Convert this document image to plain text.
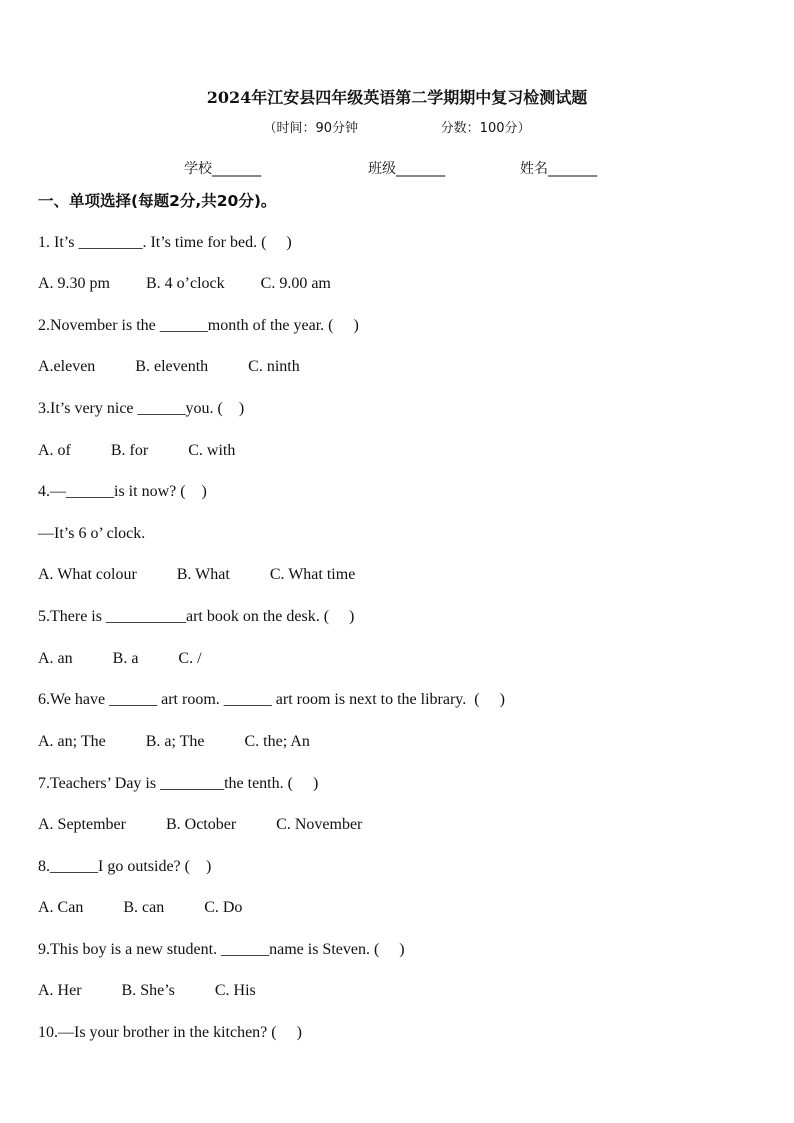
2024年江安县四年级英语第二学期期中复习检测试题
（时间：90分钟                    分数：100分）
学校_______	班级_______	姓名_______
一、单项选择(每题2分,共20分)。
1. It’s ________. It’s time for bed. (     )
A. 9.30 pm         B. 4 o’clock         C. 9.00 am
2.November is the ______month of the year. (     )
A.eleven          B. eleventh          C. ninth
3.It’s very nice ______you. (    )
A. of          B. for          C. with
4.—______is it now? (    )
—It’s 6 o’ clock.
A. What colour          B. What          C. What time
5.There is __________art book on the desk. (     )
A. an          B. a          C. /
6.We have ______ art room. ______ art room is next to the library.  (     )
A. an; The          B. a; The          C. the; An
7.Teachers’ Day is ________the tenth. (     )
A. September          B. October          C. November
8.______I go outside? (    )
A. Can          B. can          C. Do
9.This boy is a new student. ______name is Steven. (     )
A. Her          B. She’s          C. His
10.—Is your brother in the kitchen? (     )
